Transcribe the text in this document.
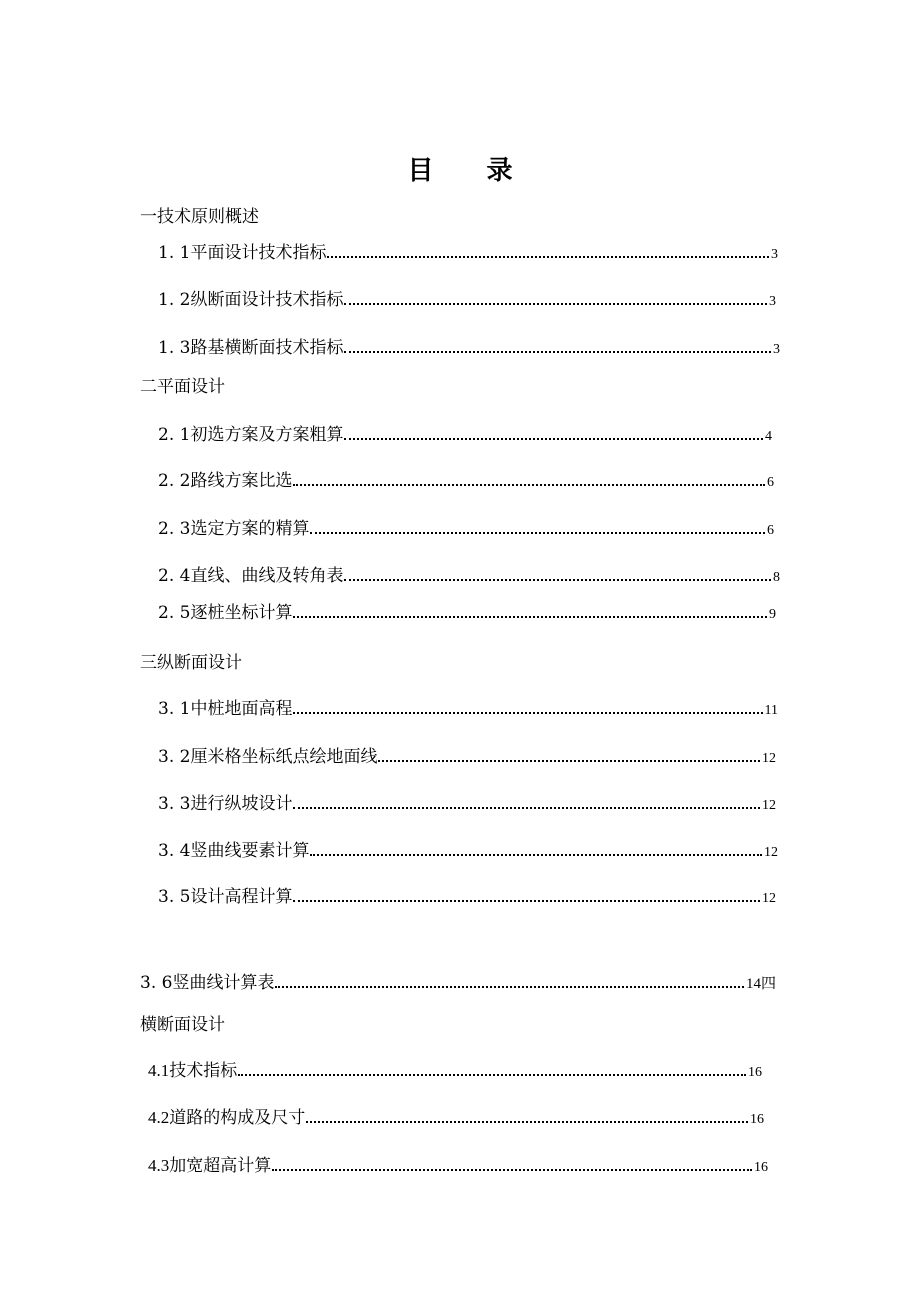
目 录
一技术原则概述
1. 1平面设计技术指标	3
1. 2纵断面设计技术指标	3
1. 3路基横断面技术指标	3
二平面设计
2. 1初选方案及方案粗算	4
2. 2路线方案比选	6
2. 3选定方案的精算	6
2. 4直线、曲线及转角表	8
2. 5逐桩坐标计算	9
三纵断面设计
3. 1中桩地面高程	11
3. 2厘米格坐标纸点绘地面线	12
3. 3进行纵坡设计	12
3. 4竖曲线要素计算	12
3. 5设计高程计算	12
3. 6竖曲线计算表	14四
横断面设计
4.1技术指标	16
4.2道路的构成及尺寸	16
4.3加宽超高计算	16
